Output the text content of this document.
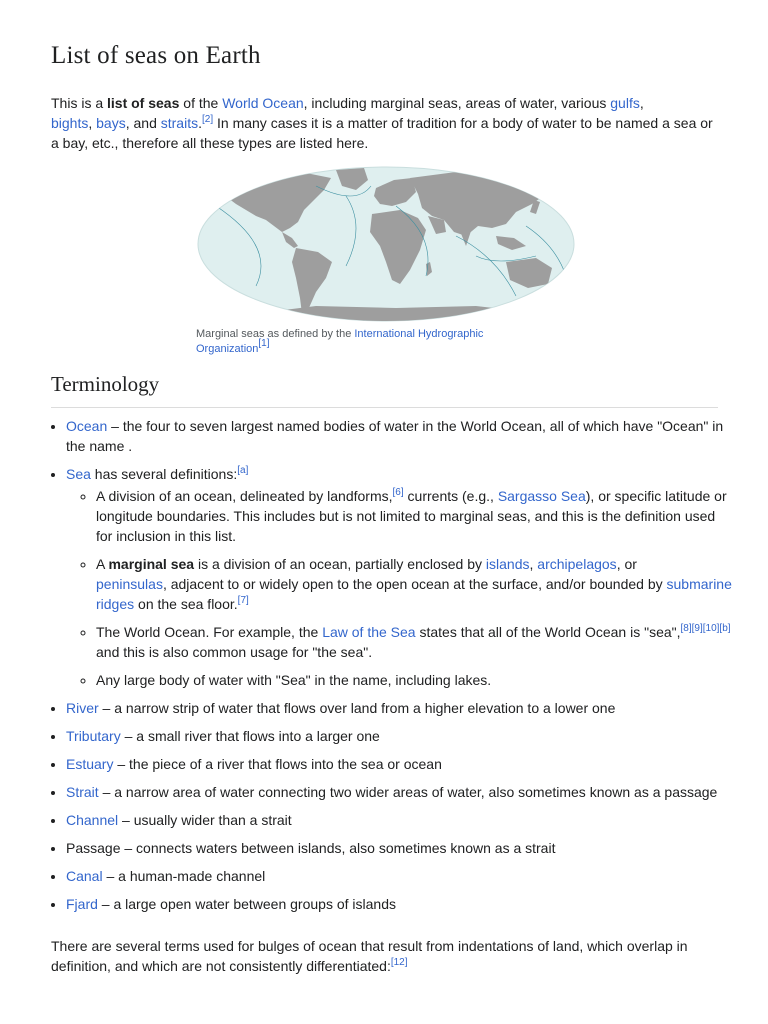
List of seas on Earth

This is a list of seas of the World Ocean, including marginal seas, areas of water, various gulfs,
bights, bays, and straits.[2] In many cases it is a matter of tradition for a body of water to be named a sea or a bay, etc., therefore all these types are listed here.

Marginal seas as defined by the International Hydrographic Organization[1]
Terminology
• Ocean – the four to seven largest named bodies of water in the World Ocean, all of which have "Ocean" in the name .
• Sea has several definitions:[a]
◦ A division of an ocean, delineated by landforms,[6] currents (e.g., Sargasso Sea), or specific latitude or longitude boundaries. This includes but is not limited to marginal seas, and this is the definition used for inclusion in this list.
◦ A marginal sea is a division of an ocean, partially enclosed by islands, archipelagos, or
peninsulas, adjacent to or widely open to the open ocean at the surface, and/or bounded by submarine ridges on the sea floor.[7]
◦ The World Ocean. For example, the Law of the Sea states that all of the World Ocean is "sea",[8][9][10][b] and this is also common usage for "the sea".
◦ Any large body of water with "Sea" in the name, including lakes.
• River – a narrow strip of water that flows over land from a higher elevation to a lower one
• Tributary – a small river that flows into a larger one
• Estuary – the piece of a river that flows into the sea or ocean
• Strait – a narrow area of water connecting two wider areas of water, also sometimes known as a passage
• Channel – usually wider than a strait
• Passage – connects waters between islands, also sometimes known as a strait
• Canal – a human-made channel
• Fjard – a large open water between groups of islands

There are several terms used for bulges of ocean that result from indentations of land, which overlap in definition, and which are not consistently differentiated:[12]
